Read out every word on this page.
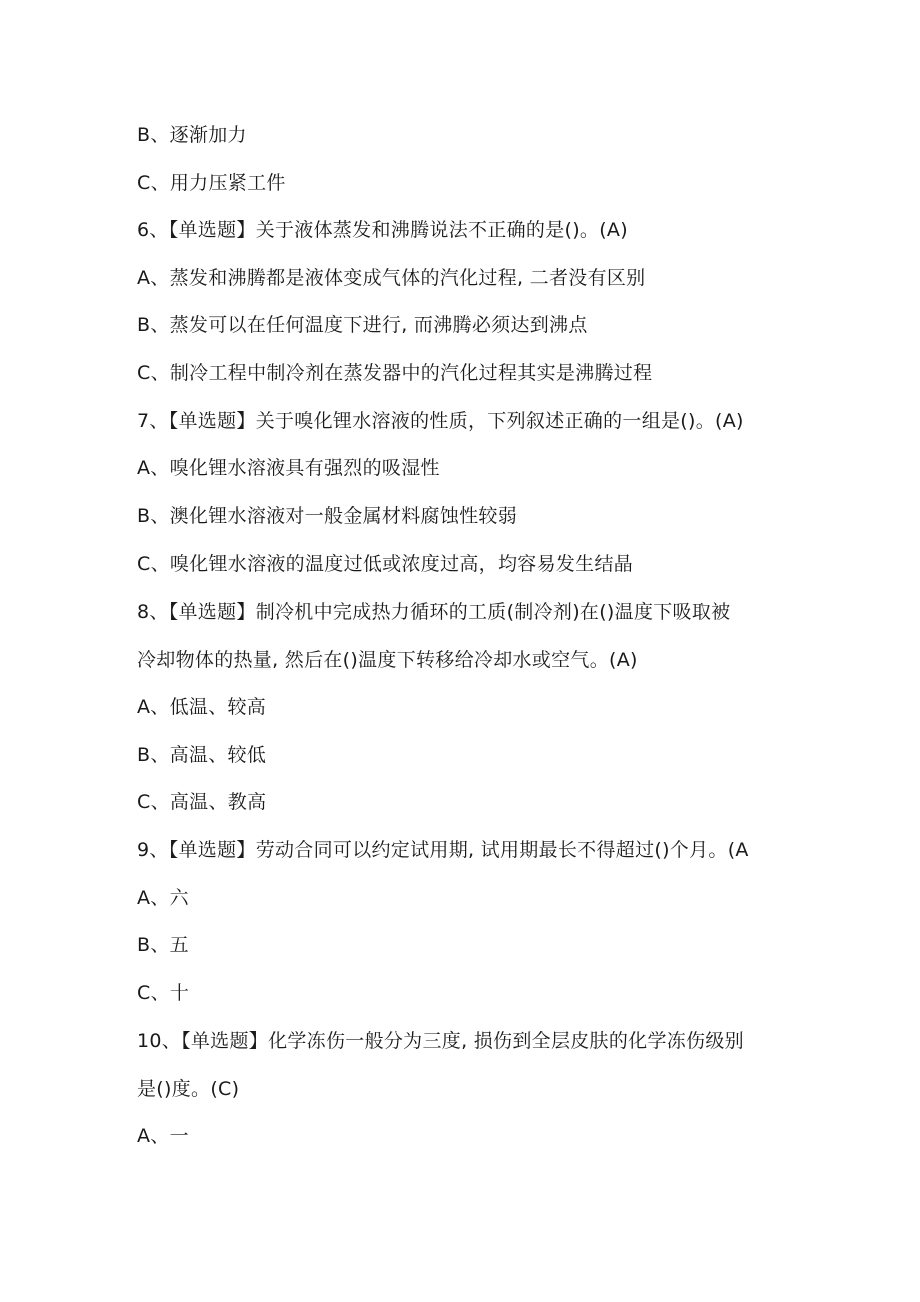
B、逐渐加力
C、用力压紧工件
6、【单选题】关于液体蒸发和沸腾说法不正确的是()。(A)
A、蒸发和沸腾都是液体变成气体的汽化过程, 二者没有区别
B、蒸发可以在任何温度下进行, 而沸腾必须达到沸点
C、制冷工程中制冷剂在蒸发器中的汽化过程其实是沸腾过程
7、【单选题】关于嗅化锂水溶液的性质，下列叙述正确的一组是()。(A)
A、嗅化锂水溶液具有强烈的吸湿性
B、澳化锂水溶液对一般金属材料腐蚀性较弱
C、嗅化锂水溶液的温度过低或浓度过高，均容易发生结晶
8、【单选题】制冷机中完成热力循环的工质(制冷剂)在()温度下吸取被
冷却物体的热量, 然后在()温度下转移给冷却水或空气。(A)
A、低温、较高
B、高温、较低
C、高温、教高
9、【单选题】劳动合同可以约定试用期, 试用期最长不得超过()个月。(A
A、六
B、五
C、十
10、【单选题】化学冻伤一般分为三度, 损伤到全层皮肤的化学冻伤级别
是()度。(C)
A、一
